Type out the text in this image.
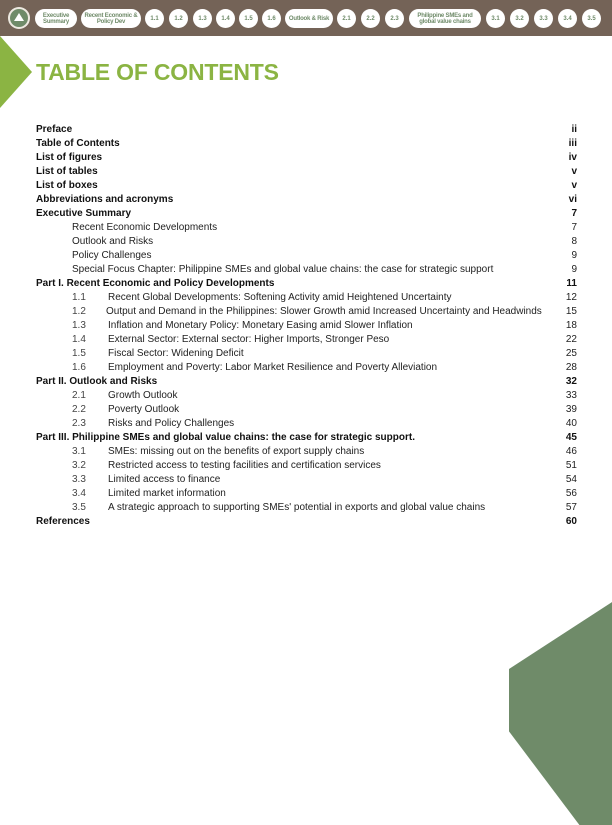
Executive Summary
Recent Economic & Policy Dev	1.1	1.2	1.3 1.4 1.5 1.6 Outlook & Risk 2.1	2.2	2.3	Philippine SMEs and global value chains	3.1	3.2	3.3	3.4	3.5
TABLE OF CONTENTS
Preface	ii
Table of Contents	iii
List of figures	iv
List of tables	v
List of boxes	v
Abbreviations and acronyms	vi
Executive Summary	7
Recent Economic Developments	7
Outlook and Risks	8
Policy Challenges	9
Special Focus Chapter: Philippine SMEs and global value chains: the case for strategic support	9
Part I. Recent Economic and Policy Developments	11
1.1 Recent Global Developments: Softening Activity amid Heightened Uncertainty	12
1.2 Output and Demand in the Philippines: Slower Growth amid Increased Uncertainty and Headwinds 15
1.3 Inflation and Monetary Policy: Monetary Easing amid Slower Inflation	18
1.4 External Sector: External sector: Higher Imports, Stronger Peso	22
1.5 Fiscal Sector: Widening Deficit	25
1.6 Employment and Poverty: Labor Market Resilience and Poverty Alleviation	28
Part II. Outlook and Risks	32
2.1 Growth Outlook	33
2.2 Poverty Outlook	39
2.3 Risks and Policy Challenges	40
Part III. Philippine SMEs and global value chains: the case for strategic support.	45
3.1 SMEs: missing out on the benefits of export supply chains	46
3.2 Restricted access to testing facilities and certification services	51
3.3 Limited access to finance	54
3.4 Limited market information	56
3.5 A strategic approach to supporting SMEs' potential in exports and global value chains	57
References	60
